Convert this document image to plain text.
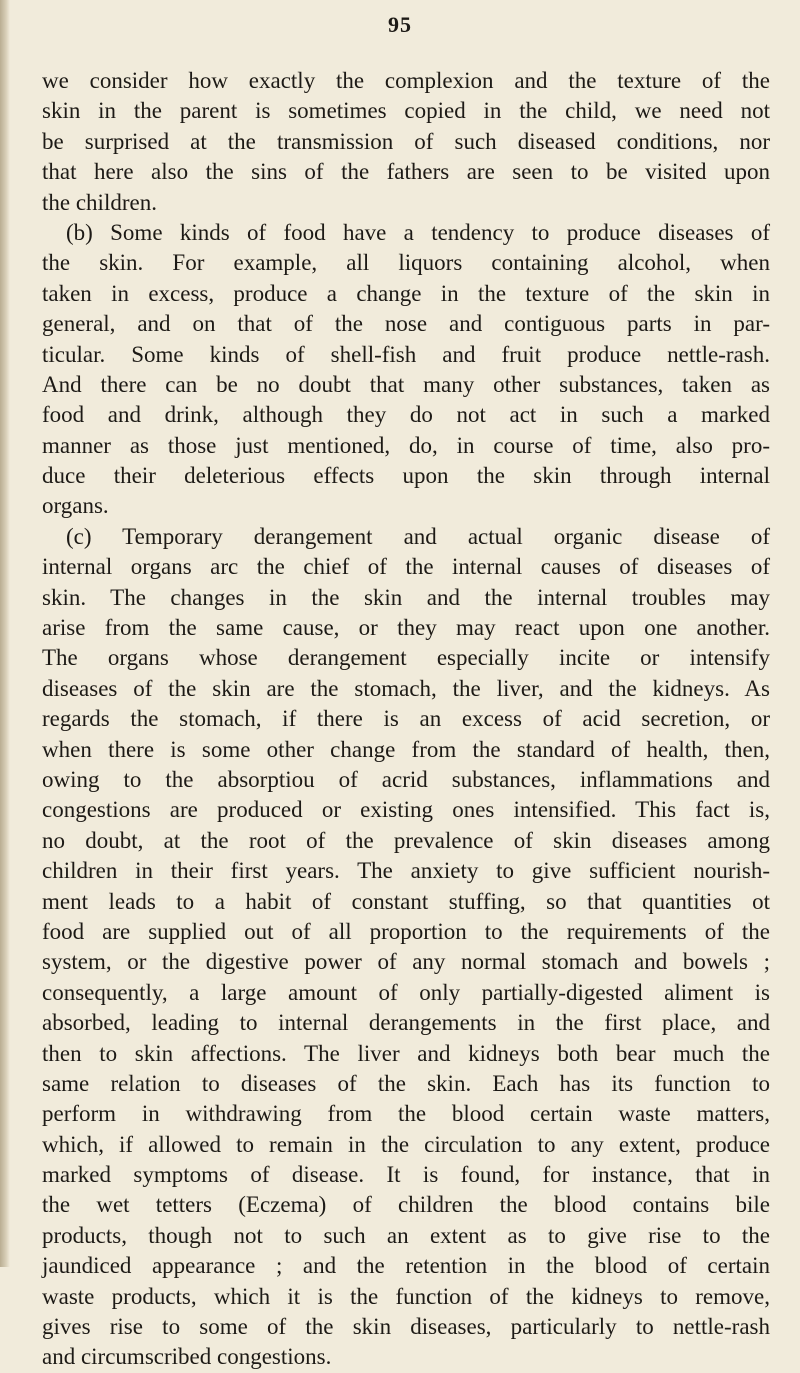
95
we consider how exactly the complexion and the texture of the
skin in the parent is sometimes copied in the child, we need not
be surprised at the transmission of such diseased conditions, nor
that here also the sins of the fathers are seen to be visited upon
the children.
(b) Some kinds of food have a tendency to produce diseases of
the skin. For example, all liquors containing alcohol, when
taken in excess, produce a change in the texture of the skin in
general, and on that of the nose and contiguous parts in par-
ticular. Some kinds of shell-fish and fruit produce nettle-rash.
And there can be no doubt that many other substances, taken as
food and drink, although they do not act in such a marked
manner as those just mentioned, do, in course of time, also pro-
duce their deleterious effects upon the skin through internal
organs.
(c) Temporary derangement and actual organic disease of
internal organs arc the chief of the internal causes of diseases of
skin. The changes in the skin and the internal troubles may
arise from the same cause, or they may react upon one another.
The organs whose derangement especially incite or intensify
diseases of the skin are the stomach, the liver, and the kidneys. As
regards the stomach, if there is an excess of acid secretion, or
when there is some other change from the standard of health, then,
owing to the absorptiou of acrid substances, inflammations and
congestions are produced or existing ones intensified. This fact is,
no doubt, at the root of the prevalence of skin diseases among
children in their first years. The anxiety to give sufficient nourish-
ment leads to a habit of constant stuffing, so that quantities ot
food are supplied out of all proportion to the requirements of the
system, or the digestive power of any normal stomach and bowels ;
consequently, a large amount of only partially-digested aliment is
absorbed, leading to internal derangements in the first place, and
then to skin affections. The liver and kidneys both bear much the
same relation to diseases of the skin. Each has its function to
perform in withdrawing from the blood certain waste matters,
which, if allowed to remain in the circulation to any extent, produce
marked symptoms of disease. It is found, for instance, that in
the wet tetters (Eczema) of children the blood contains bile
products, though not to such an extent as to give rise to the
jaundiced appearance ; and the retention in the blood of certain
waste products, which it is the function of the kidneys to remove,
gives rise to some of the skin diseases, particularly to nettle-rash
and circumscribed congestions.
